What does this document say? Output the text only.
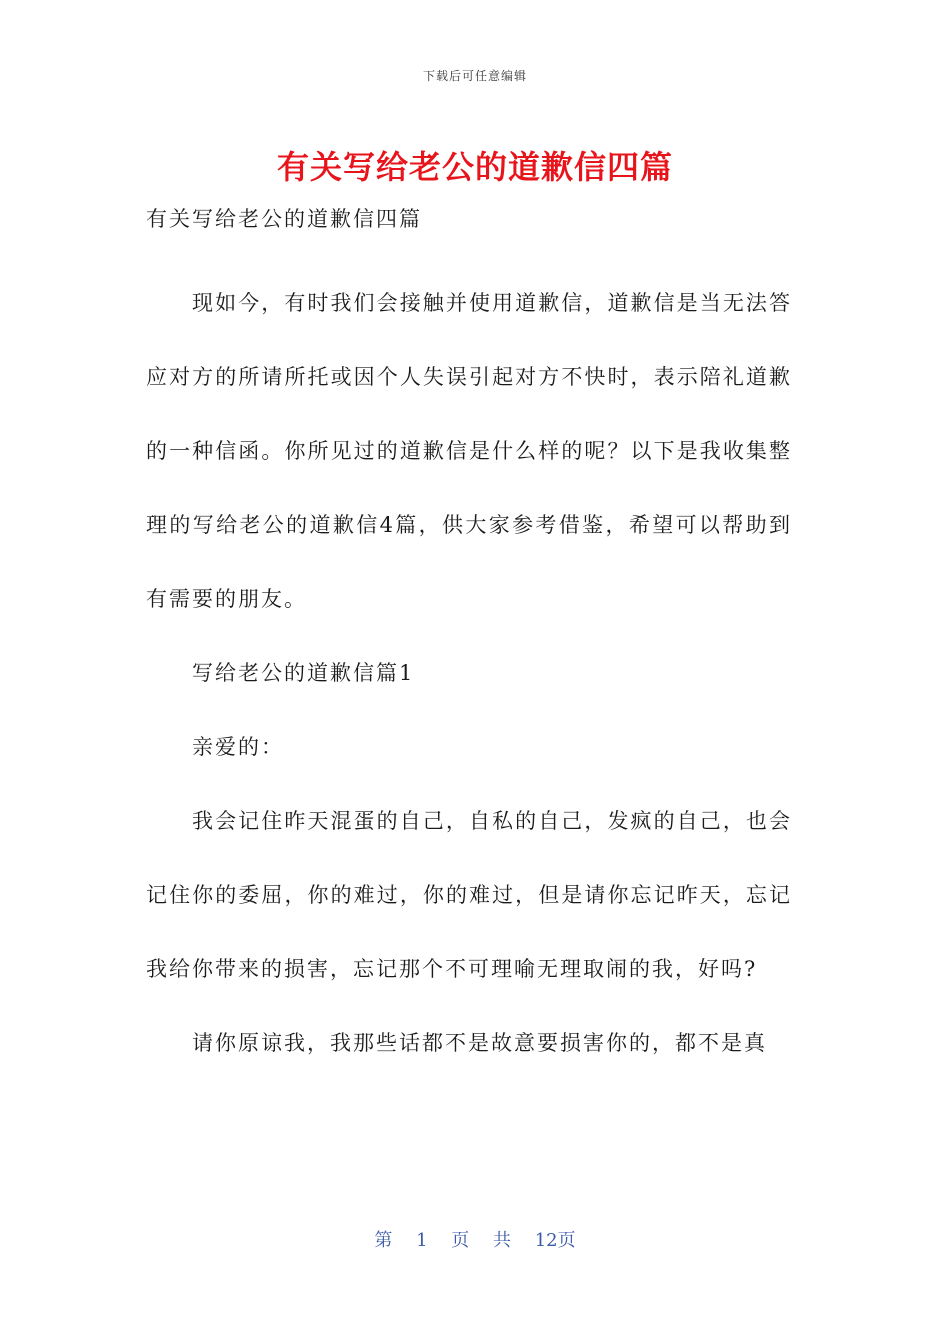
下载后可任意编辑
有关写给老公的道歉信四篇

有关写给老公的道歉信四篇

现如今，有时我们会接触并使用道歉信，道歉信是当无法答应对方的所请所托或因个人失误引起对方不快时，表示陪礼道歉的一种信函。你所见过的道歉信是什么样的呢？以下是我收集整理的写给老公的道歉信4篇，供大家参考借鉴，希望可以帮助到有需要的朋友。

写给老公的道歉信篇1

亲爱的：

我会记住昨天混蛋的自己，自私的自己，发疯的自己，也会记住你的委屈，你的难过，你的难过，但是请你忘记昨天，忘记我给你带来的损害，忘记那个不可理喻无理取闹的我，好吗?

请你原谅我，我那些话都不是故意要损害你的，都不是真

第 1 页 共 12页
